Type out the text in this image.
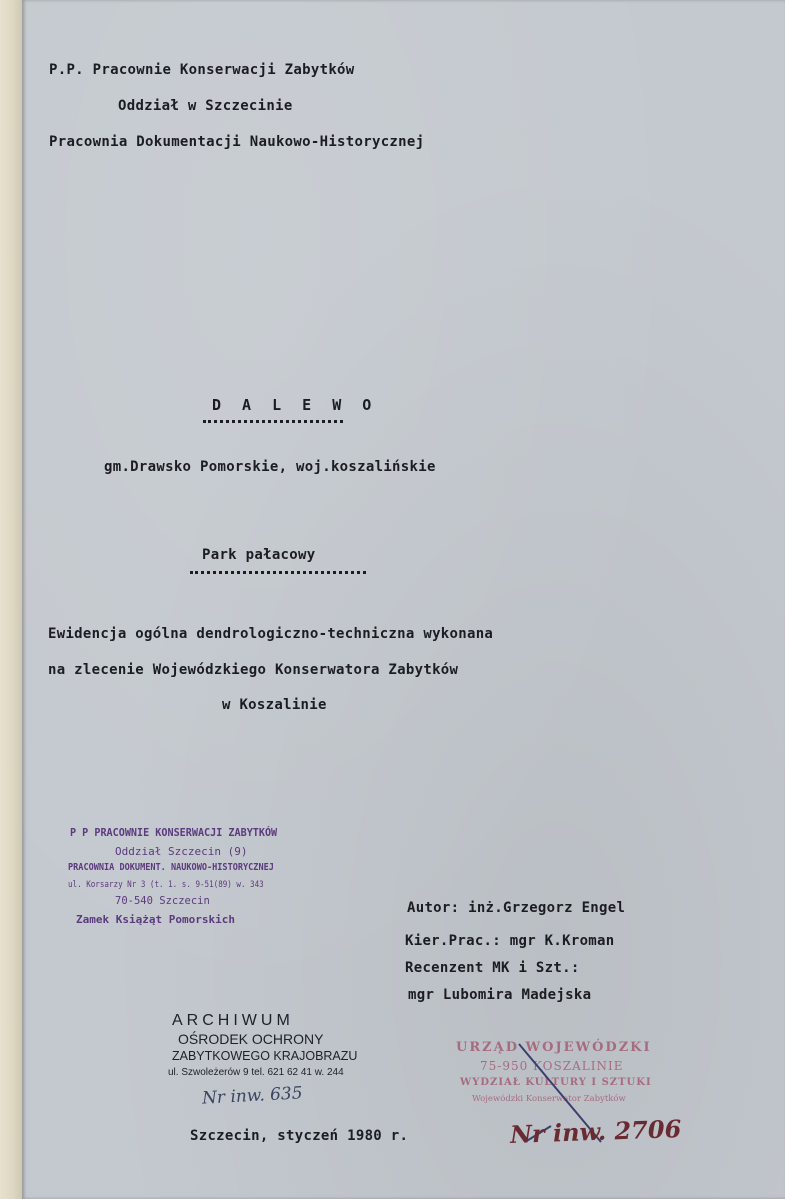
P.P. Pracownie Konserwacji Zabytków
Oddział w Szczecinie
Pracownia Dokumentacji Naukowo-Historycznej
D A L E W O
gm.Drawsko Pomorskie, woj.koszalińskie
Park pałacowy
Ewidencja ogólna dendrologiczno-techniczna wykonana
na zlecenie Wojewódzkiego Konserwatora Zabytków
w Koszalinie
P P PRACOWNIE KONSERWACJI ZABYTKÓW
Oddział Szczecin (9)
PRACOWNIA DOKUMENT. NAUKOWO-HISTORYCZNEJ
ul. Korsarzy Nr 3 (t. 1. s. 9-51(89) w. 343
70-540 Szczecin
Zamek Książąt Pomorskich
Autor: inż.Grzegorz Engel
Kier.Prac.: mgr K.Kroman
Recenzent MK i Szt.:
mgr Lubomira Madejska
ARCHIWUM
OŚRODEK OCHRONY
ZABYTKOWEGO KRAJOBRAZU
ul. Szwoleżerów 9 tel. 621 62 41 w. 244
Nr inw. 635
URZĄD WOJEWÓDZKI
75-950 KOSZALINIE
WYDZIAŁ KULTURY I SZTUKI
Wojewódzki Konserwator Zabytków
Szczecin, styczeń 1980 r.	Nr inw. 2706
